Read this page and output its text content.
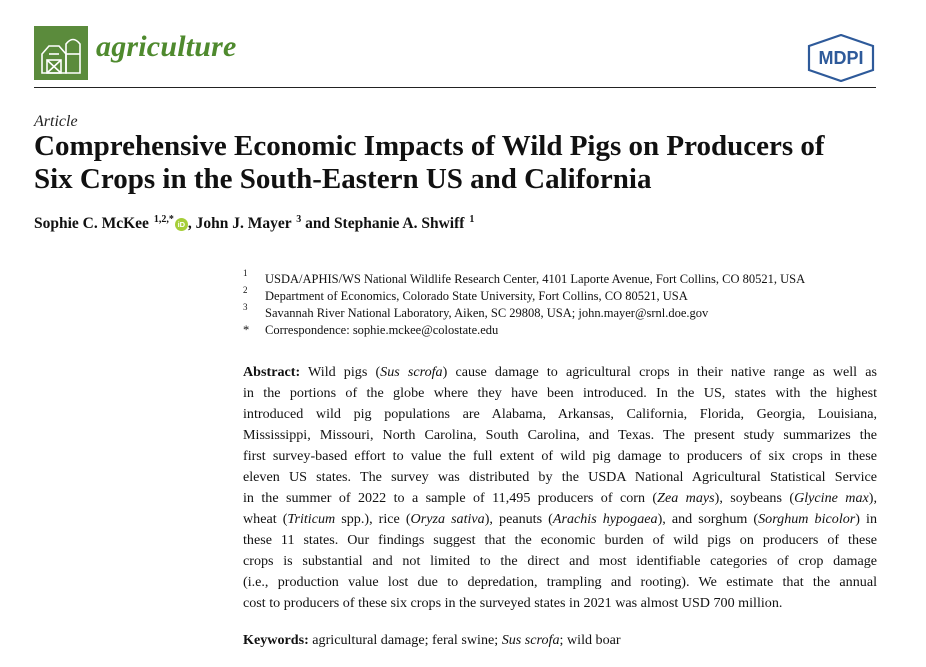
agriculture	MDPI
Article
Comprehensive Economic Impacts of Wild Pigs on Producers of
Six Crops in the South-Eastern US and California
Sophie C. McKee $^{1,2,*}$ iD , John J. Mayer $^3$ and Stephanie A. Shwiff $^1$
1 USDA/APHIS/WS National Wildlife Research Center, 4101 Laporte Avenue, Fort Collins, CO 80521, USA
2 Department of Economics, Colorado State University, Fort Collins, CO 80521, USA
3 Savannah River National Laboratory, Aiken, SC 29808, USA; john.mayer@srnl.doe.gov
* Correspondence: sophie.mckee@colostate.edu
Abstract: Wild pigs (Sus scrofa) cause damage to agricultural crops in their native range as well as
in the portions of the globe where they have been introduced. In the US, states with the highest
introduced wild pig populations are Alabama, Arkansas, California, Florida, Georgia, Louisiana,
Mississippi, Missouri, North Carolina, South Carolina, and Texas. The present study summarizes the
first survey-based effort to value the full extent of wild pig damage to producers of six crops in these
eleven US states. The survey was distributed by the USDA National Agricultural Statistical Service
in the summer of 2022 to a sample of 11,495 producers of corn (Zea mays), soybeans (Glycine max),
wheat (Triticum spp.), rice (Oryza sativa), peanuts (Arachis hypogaea), and sorghum (Sorghum bicolor) in
these 11 states. Our findings suggest that the economic burden of wild pigs on producers of these
crops is substantial and not limited to the direct and most identifiable categories of crop damage
(i.e., production value lost due to depredation, trampling and rooting). We estimate that the annual
cost to producers of these six crops in the surveyed states in 2021 was almost USD 700 million.
Keywords: agricultural damage; feral swine; Sus scrofa; wild boar
